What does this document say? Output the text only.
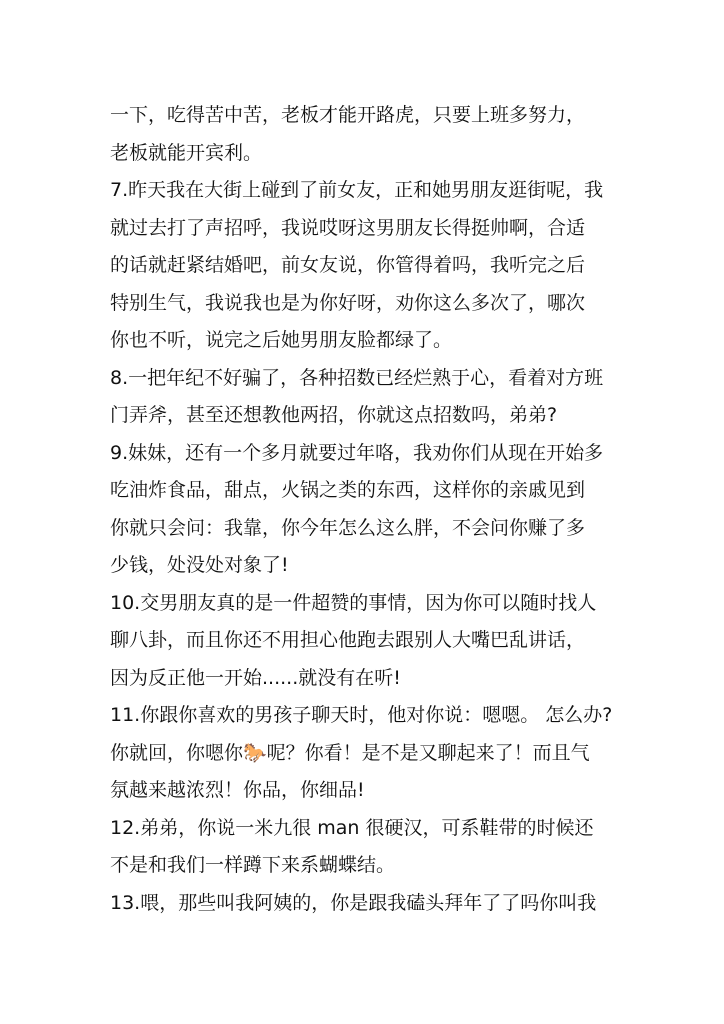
一下，吃得苦中苦，老板才能开路虎，只要上班多努力，
老板就能开宾利。
7.昨天我在大街上碰到了前女友，正和她男朋友逛街呢，我
就过去打了声招呼，我说哎呀这男朋友长得挺帅啊，合适
的话就赶紧结婚吧，前女友说，你管得着吗，我听完之后
特别生气，我说我也是为你好呀，劝你这么多次了，哪次
你也不听，说完之后她男朋友脸都绿了。
8.一把年纪不好骗了，各种招数已经烂熟于心，看着对方班
门弄斧，甚至还想教他两招，你就这点招数吗，弟弟?
9.妹妹，还有一个多月就要过年咯，我劝你们从现在开始多
吃油炸食品，甜点，火锅之类的东西，这样你的亲戚见到
你就只会问：我靠，你今年怎么这么胖，不会问你赚了多
少钱，处没处对象了!
10.交男朋友真的是一件超赞的事情，因为你可以随时找人
聊八卦，而且你还不用担心他跑去跟别人大嘴巴乱讲话，
因为反正他一开始......就没有在听!
11.你跟你喜欢的男孩子聊天时，他对你说：嗯嗯。 怎么办?
你就回，你嗯你🐎呢？你看！是不是又聊起来了！而且气
氛越来越浓烈！你品，你细品!
12.弟弟，你说一米九很 man 很硬汉，可系鞋带的时候还
不是和我们一样蹲下来系蝴蝶结。
13.喂，那些叫我阿姨的，你是跟我磕头拜年了了吗你叫我
